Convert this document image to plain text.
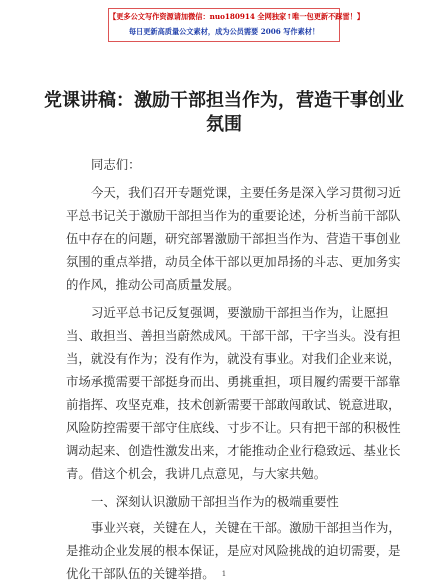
【更多公文写作资源请加微信：nuo180914 全网独家↑唯一包更新不踩雷！】
每日更新高质量公文素材，成为公员需要 2006 写作素材！
党课讲稿：激励干部担当作为，营造干事创业
氛围
同志们：
今天，我们召开专题党课，主要任务是深入学习贯彻习近
平总书记关于激励干部担当作为的重要论述，分析当前干部队
伍中存在的问题，研究部署激励干部担当作为、营造干事创业
氛围的重点举措，动员全体干部以更加昂扬的斗志、更加务实
的作风，推动公司高质量发展。
习近平总书记反复强调，要激励干部担当作为，让愿担
当、敢担当、善担当蔚然成风。干部干部，干字当头。没有担
当，就没有作为；没有作为，就没有事业。对我们企业来说，
市场承揽需要干部挺身而出、勇挑重担，项目履约需要干部靠
前指挥、攻坚克难，技术创新需要干部敢闯敢试、锐意进取，
风险防控需要干部守住底线、寸步不让。只有把干部的积极性
调动起来、创造性激发出来，才能推动企业行稳致远、基业长
青。借这个机会，我讲几点意见，与大家共勉。
一、深刻认识激励干部担当作为的极端重要性
事业兴衰，关键在人，关键在干部。激励干部担当作为，
是推动企业发展的根本保证，是应对风险挑战的迫切需要，是
优化干部队伍的关键举措。	1
